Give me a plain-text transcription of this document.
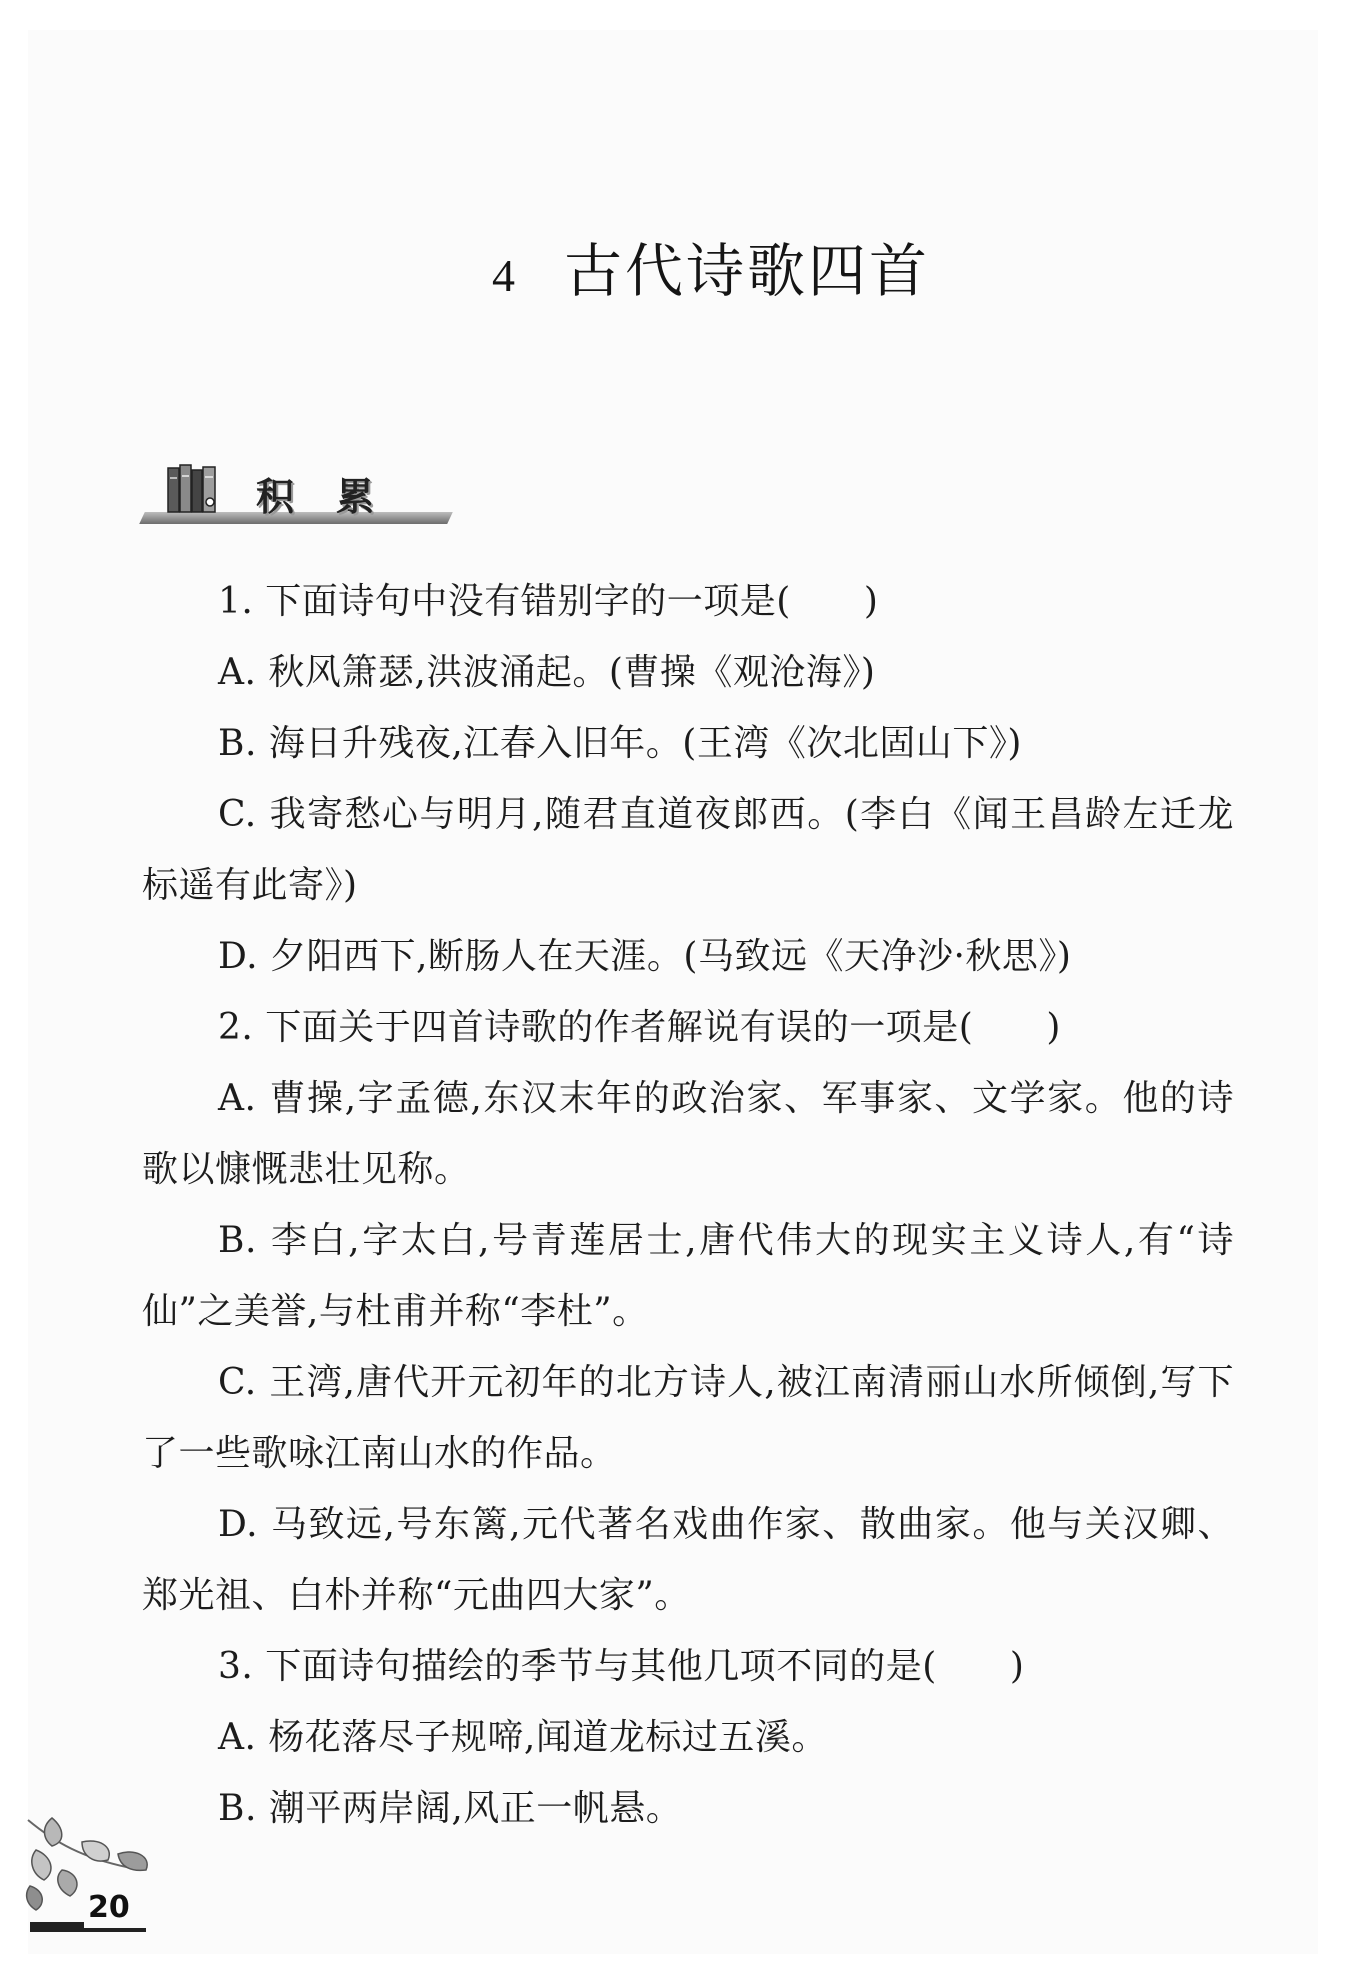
4 古代诗歌四首
积累

1. 下面诗句中没有错别字的一项是(　　)

A. 秋风箫瑟,洪波涌起。(曹操《观沧海》)

B. 海日升残夜,江春入旧年。(王湾《次北固山下》)

C. 我寄愁心与明月,随君直道夜郎西。(李白《闻王昌龄左迁龙标遥有此寄》)

D. 夕阳西下,断肠人在天涯。(马致远《天净沙·秋思》)

2. 下面关于四首诗歌的作者解说有误的一项是(　　)

A. 曹操,字孟德,东汉末年的政治家、军事家、文学家。他的诗歌以慷慨悲壮见称。

B. 李白,字太白,号青莲居士,唐代伟大的现实主义诗人,有“诗仙”之美誉,与杜甫并称“李杜”。

C. 王湾,唐代开元初年的北方诗人,被江南清丽山水所倾倒,写下了一些歌咏江南山水的作品。

D. 马致远,号东篱,元代著名戏曲作家、散曲家。他与关汉卿、郑光祖、白朴并称“元曲四大家”。

3. 下面诗句描绘的季节与其他几项不同的是(　　)

A. 杨花落尽子规啼,闻道龙标过五溪。

B. 潮平两岸阔,风正一帆悬。

20
